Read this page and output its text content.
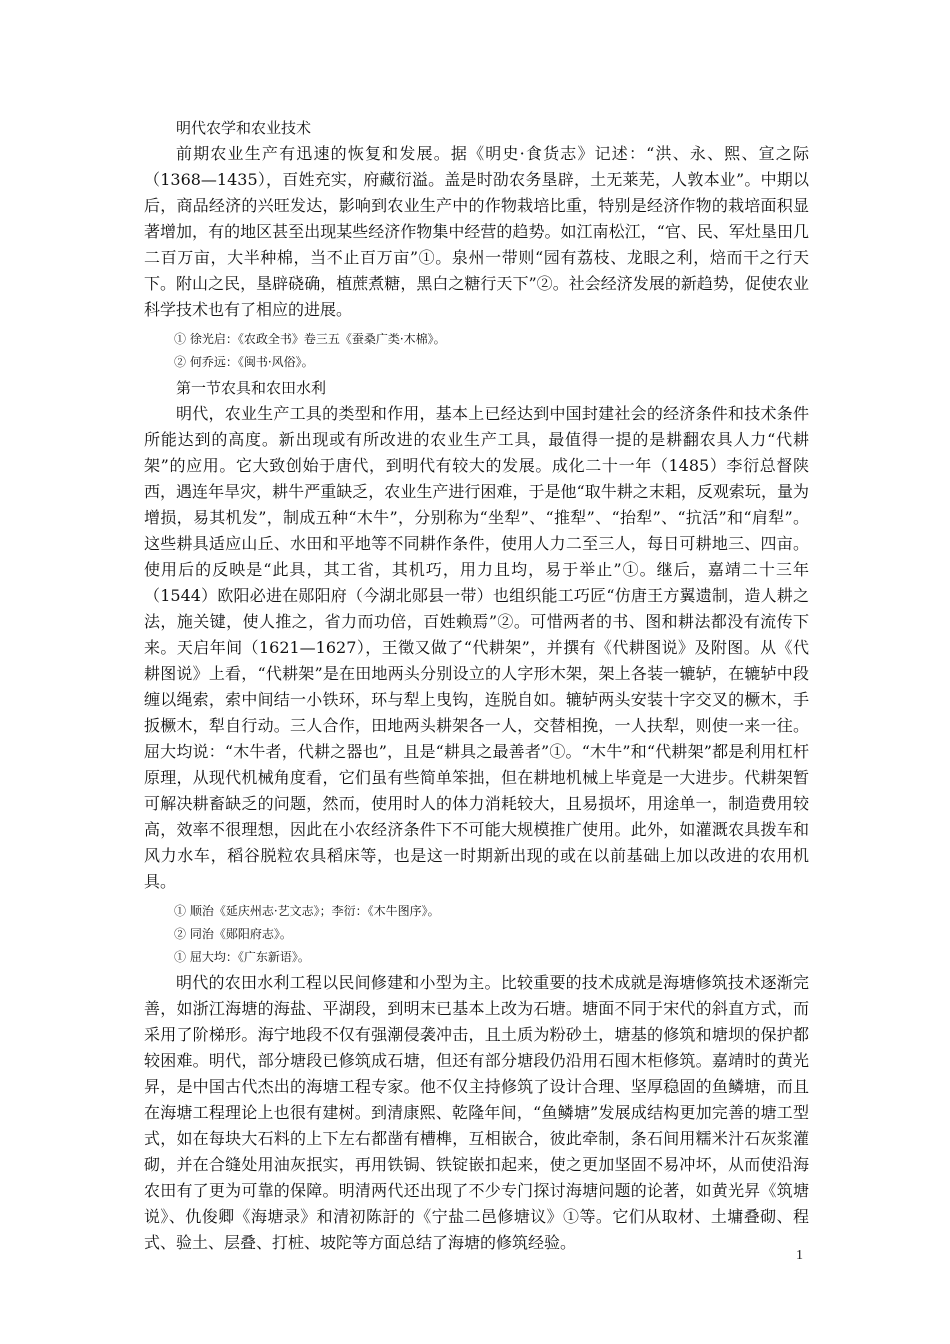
明代农学和农业技术

前期农业生产有迅速的恢复和发展。据《明史·食货志》记述：“洪、永、熙、宣之际（1368—1435），百姓充实，府藏衍溢。盖是时劭农务垦辟，土无莱芜，人敦本业”。中期以后，商品经济的兴旺发达，影响到农业生产中的作物栽培比重，特别是经济作物的栽培面积显著增加，有的地区甚至出现某些经济作物集中经营的趋势。如江南松江，“官、民、军灶垦田几二百万亩，大半种棉，当不止百万亩”①。泉州一带则“园有荔枝、龙眼之利，焙而干之行天下。附山之民，垦辟硗确，植蔗煮糖，黑白之糖行天下”②。社会经济发展的新趋势，促使农业科学技术也有了相应的进展。

① 徐光启：《农政全书》卷三五《蚕桑广类·木棉》。
② 何乔远：《闽书·风俗》。
第一节农具和农田水利

明代，农业生产工具的类型和作用，基本上已经达到中国封建社会的经济条件和技术条件所能达到的高度。新出现或有所改进的农业生产工具，最值得一提的是耕翻农具人力“代耕架”的应用。它大致创始于唐代，到明代有较大的发展。成化二十一年（1485）李衍总督陕西，遇连年旱灾，耕牛严重缺乏，农业生产进行困难，于是他“取牛耕之末耜，反观索玩，量为增损，易其机发”，制成五种“木牛”，分别称为“坐犁”、“推犁”、“抬犁”、“抗活”和“肩犁”。这些耕具适应山丘、水田和平地等不同耕作条件，使用人力二至三人，每日可耕地三、四亩。使用后的反映是“此具，其工省，其机巧，用力且均，易于举止”①。继后，嘉靖二十三年（1544）欧阳必进在郧阳府（今湖北郧县一带）也组织能工巧匠“仿唐王方翼遗制，造人耕之法，施关键，使人推之，省力而功倍，百姓赖焉”②。可惜两者的书、图和耕法都没有流传下来。天启年间（1621—1627），王徵又做了“代耕架”，并撰有《代耕图说》及附图。从《代耕图说》上看，“代耕架”是在田地两头分别设立的人字形木架，架上各装一辘轳，在辘轳中段缠以绳索，索中间结一小铁环，环与犁上曳钩，连脱自如。辘轳两头安装十字交叉的橛木，手扳橛木，犁自行动。三人合作，田地两头耕架各一人，交替相挽，一人扶犁，则使一来一往。屈大均说：“木牛者，代耕之器也”，且是“耕具之最善者”①。“木牛”和“代耕架”都是利用杠杆原理，从现代机械角度看，它们虽有些简单笨拙，但在耕地机械上毕竟是一大进步。代耕架暂可解决耕畜缺乏的问题，然而，使用时人的体力消耗较大，且易损坏，用途单一，制造费用较高，效率不很理想，因此在小农经济条件下不可能大规模推广使用。此外，如灌溉农具拨车和风力水车，稻谷脱粒农具稻床等，也是这一时期新出现的或在以前基础上加以改进的农用机具。

① 顺治《延庆州志·艺文志》；李衍：《木牛图序》。
② 同治《郧阳府志》。
① 屈大均：《广东新语》。

明代的农田水利工程以民间修建和小型为主。比较重要的技术成就是海塘修筑技术逐渐完善，如浙江海塘的海盐、平湖段，到明末已基本上改为石塘。塘面不同于宋代的斜直方式，而采用了阶梯形。海宁地段不仅有强潮侵袭冲击，且土质为粉砂土，塘基的修筑和塘坝的保护都较困难。明代，部分塘段已修筑成石塘，但还有部分塘段仍沿用石囤木柜修筑。嘉靖时的黄光昇，是中国古代杰出的海塘工程专家。他不仅主持修筑了设计合理、坚厚稳固的鱼鳞塘，而且在海塘工程理论上也很有建树。到清康熙、乾隆年间，“鱼鳞塘”发展成结构更加完善的塘工型式，如在每块大石料的上下左右都凿有槽榫，互相嵌合，彼此牵制，条石间用糯米汁石灰浆灌砌，并在合缝处用油灰抿实，再用铁锔、铁锭嵌扣起来，使之更加坚固不易冲坏，从而使沿海农田有了更为可靠的保障。明清两代还出现了不少专门探讨海塘问题的论著，如黄光昇《筑塘说》、仇俊卿《海塘录》和清初陈訏的《宁盐二邑修塘议》①等。它们从取材、土墉叠砌、程式、验土、层叠、打桩、坡陀等方面总结了海塘的修筑经验。

1
